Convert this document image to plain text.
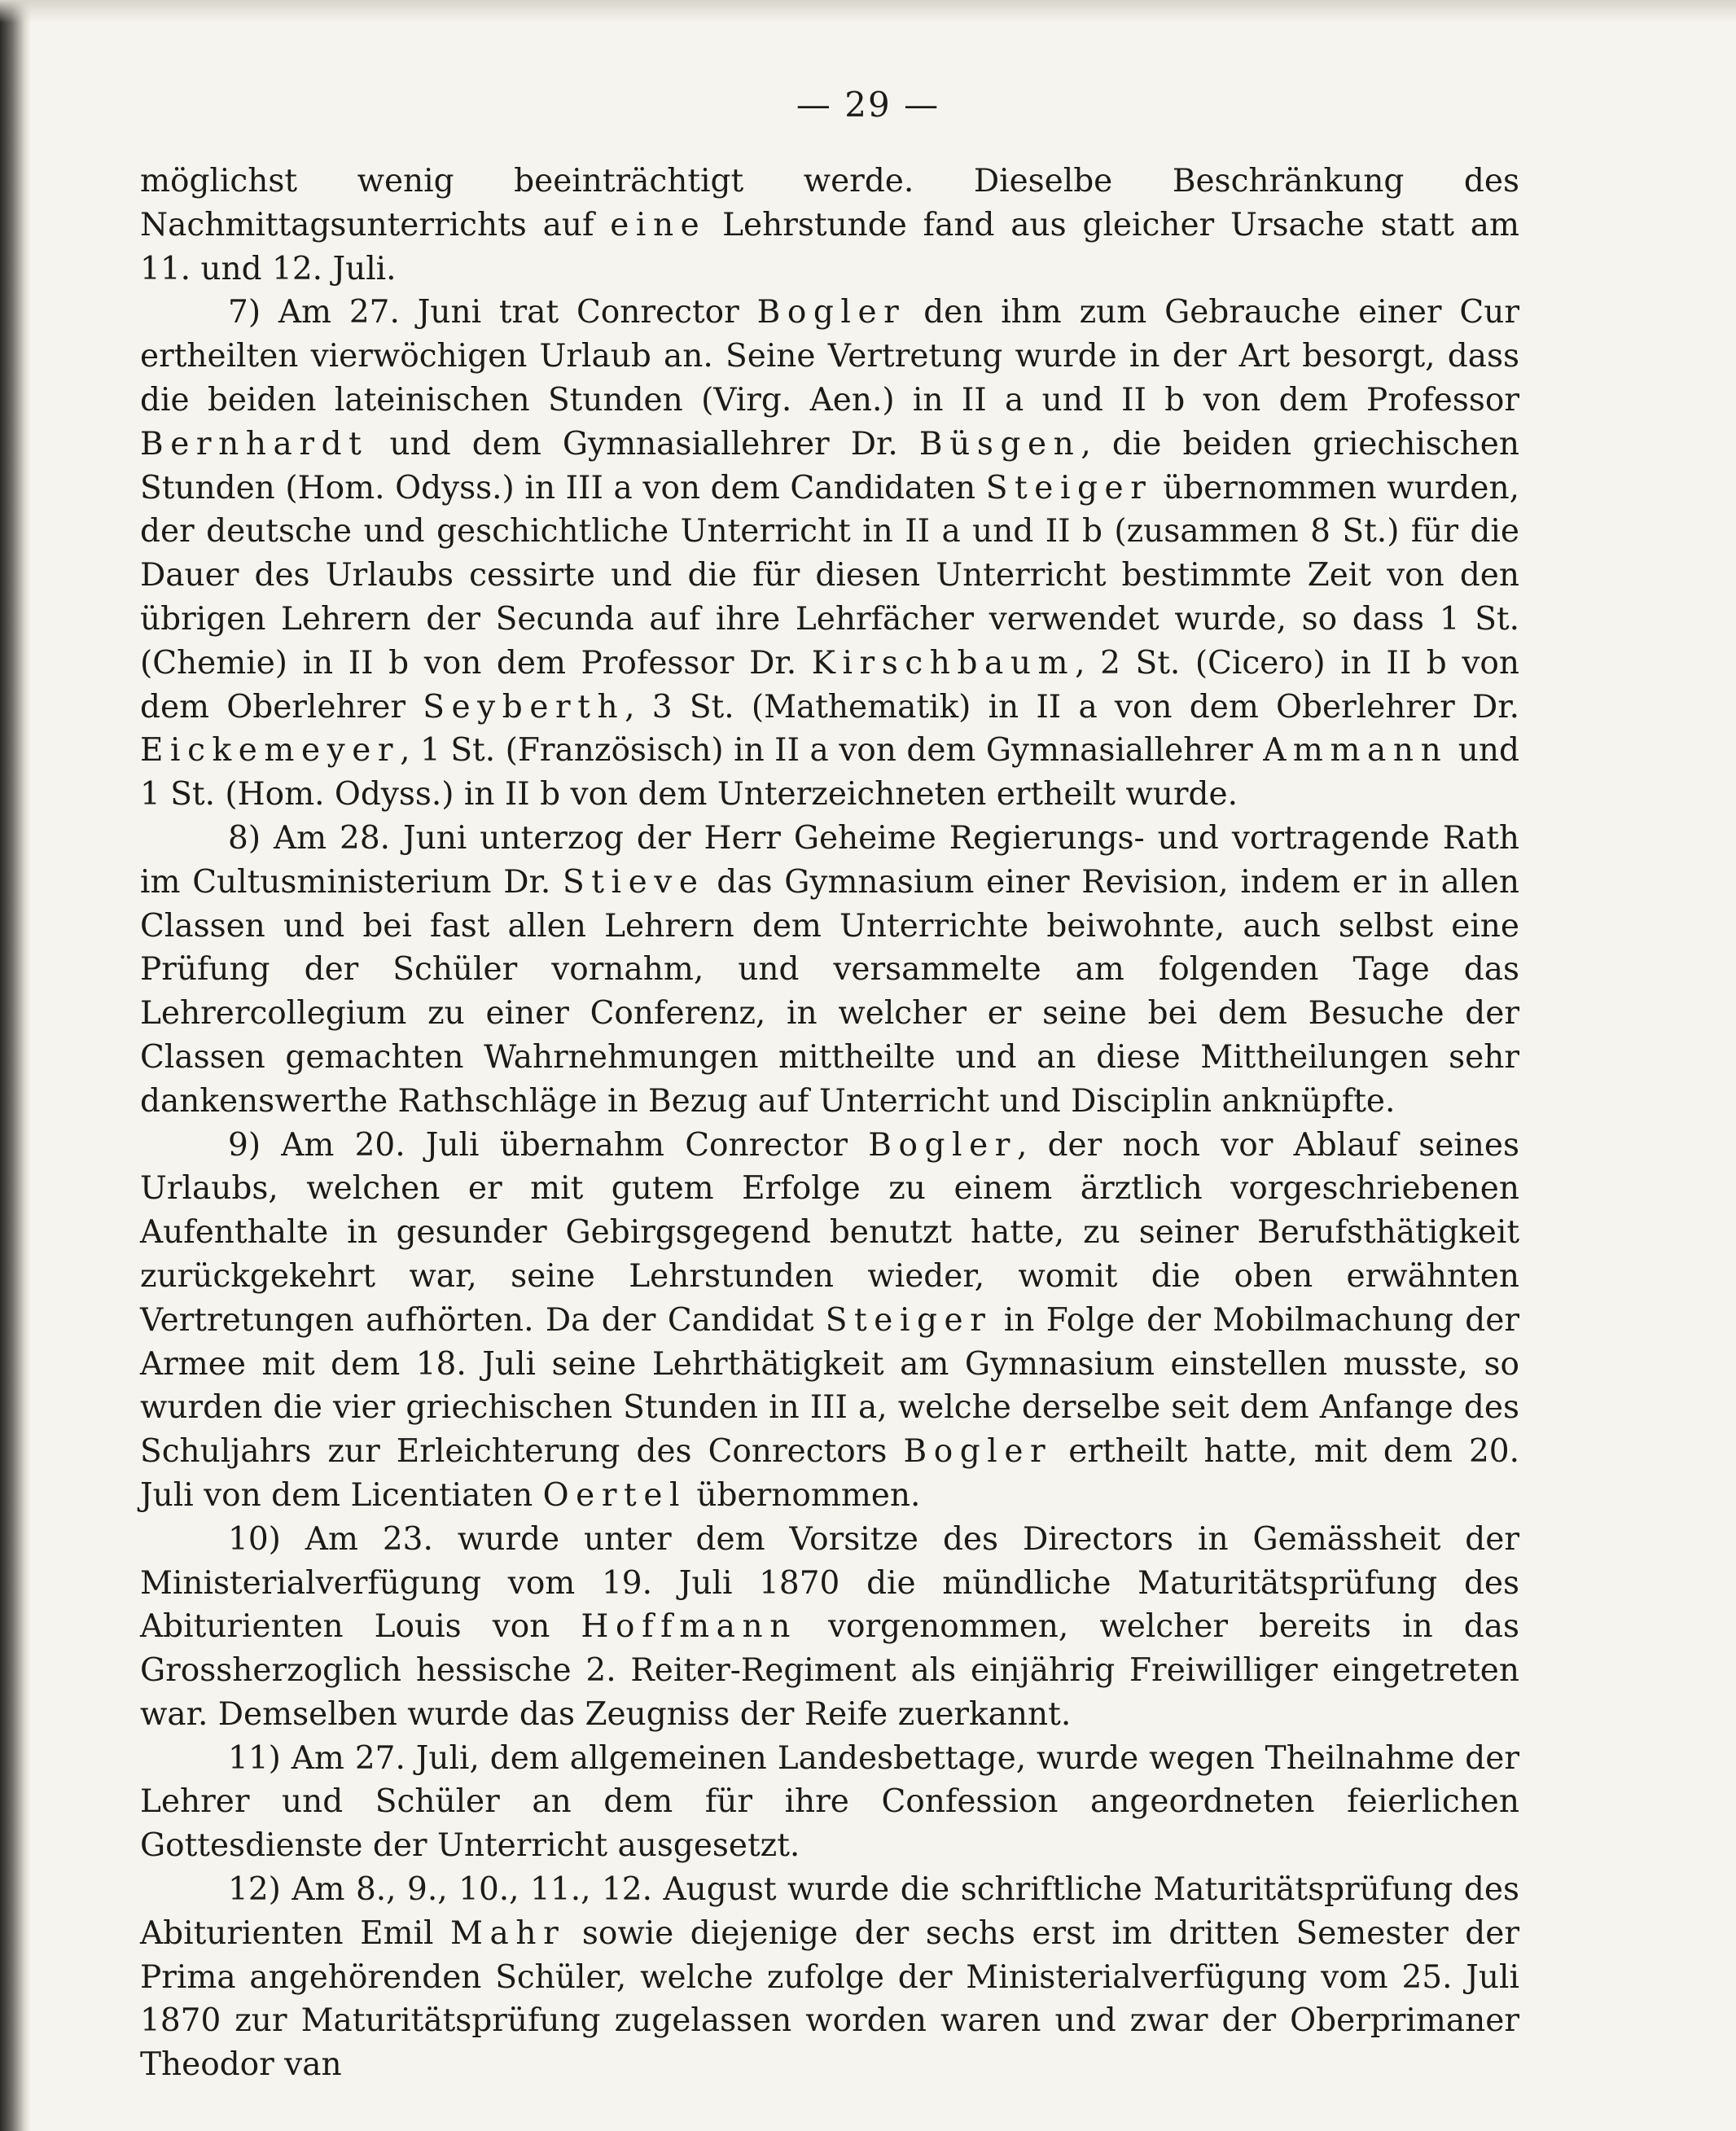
— 29 —

möglichst wenig beeinträchtigt werde. Dieselbe Beschränkung des Nachmittagsunterrichts auf eine Lehrstunde fand aus gleicher Ursache statt am 11. und 12. Juli.

7) Am 27. Juni trat Conrector Bogler den ihm zum Gebrauche einer Cur ertheilten vierwöchigen Urlaub an. Seine Vertretung wurde in der Art besorgt, dass die beiden lateinischen Stunden (Virg. Aen.) in II a und II b von dem Professor Bernhardt und dem Gymnasiallehrer Dr. Büsgen, die beiden griechischen Stunden (Hom. Odyss.) in III a von dem Candidaten Steiger übernommen wurden, der deutsche und geschichtliche Unterricht in II a und II b (zusammen 8 St.) für die Dauer des Urlaubs cessirte und die für diesen Unterricht bestimmte Zeit von den übrigen Lehrern der Secunda auf ihre Lehrfächer verwendet wurde, so dass 1 St. (Chemie) in II b von dem Professor Dr. Kirschbaum, 2 St. (Cicero) in II b von dem Oberlehrer Seyberth, 3 St. (Mathematik) in II a von dem Oberlehrer Dr. Eickemeyer, 1 St. (Französisch) in II a von dem Gymnasiallehrer Ammann und 1 St. (Hom. Odyss.) in II b von dem Unterzeichneten ertheilt wurde.

8) Am 28. Juni unterzog der Herr Geheime Regierungs- und vortragende Rath im Cultusministerium Dr. Stieve das Gymnasium einer Revision, indem er in allen Classen und bei fast allen Lehrern dem Unterrichte beiwohnte, auch selbst eine Prüfung der Schüler vornahm, und versammelte am folgenden Tage das Lehrercollegium zu einer Conferenz, in welcher er seine bei dem Besuche der Classen gemachten Wahrnehmungen mittheilte und an diese Mittheilungen sehr dankenswerthe Rathschläge in Bezug auf Unterricht und Disciplin anknüpfte.

9) Am 20. Juli übernahm Conrector Bogler, der noch vor Ablauf seines Urlaubs, welchen er mit gutem Erfolge zu einem ärztlich vorgeschriebenen Aufenthalte in gesunder Gebirgsgegend benutzt hatte, zu seiner Berufsthätigkeit zurückgekehrt war, seine Lehrstunden wieder, womit die oben erwähnten Vertretungen aufhörten. Da der Candidat Steiger in Folge der Mobilmachung der Armee mit dem 18. Juli seine Lehrthätigkeit am Gymnasium einstellen musste, so wurden die vier griechischen Stunden in III a, welche derselbe seit dem Anfange des Schuljahrs zur Erleichterung des Conrectors Bogler ertheilt hatte, mit dem 20. Juli von dem Licentiaten Oertel übernommen.

10) Am 23. wurde unter dem Vorsitze des Directors in Gemässheit der Ministerialverfügung vom 19. Juli 1870 die mündliche Maturitätsprüfung des Abiturienten Louis von Hoffmann vorgenommen, welcher bereits in das Grossherzoglich hessische 2. Reiter-Regiment als einjährig Freiwilliger eingetreten war. Demselben wurde das Zeugniss der Reife zuerkannt.

11) Am 27. Juli, dem allgemeinen Landesbettage, wurde wegen Theilnahme der Lehrer und Schüler an dem für ihre Confession angeordneten feierlichen Gottesdienste der Unterricht ausgesetzt.

12) Am 8., 9., 10., 11., 12. August wurde die schriftliche Maturitätsprüfung des Abiturienten Emil Mahr sowie diejenige der sechs erst im dritten Semester der Prima angehörenden Schüler, welche zufolge der Ministerialverfügung vom 25. Juli 1870 zur Maturitätsprüfung zugelassen worden waren und zwar der Oberprimaner Theodor van
